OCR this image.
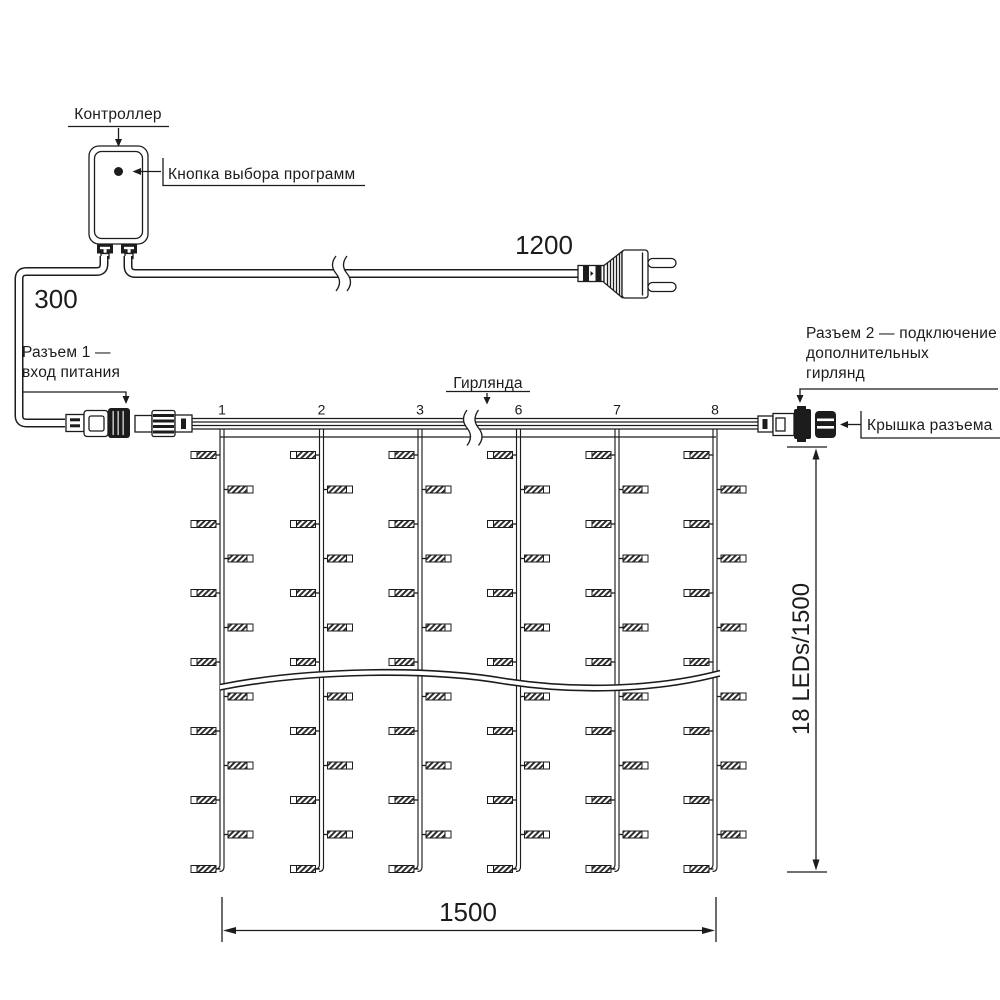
Контроллер
Кнопка выбора программ
300
1200
Разъем 1 —
вход питания
Гирлянда
1	2	3	6	7	8
Разъем 2 — подключение
дополнительных
гирлянд
Крышка разъема
18 LEDs/1500
1500
